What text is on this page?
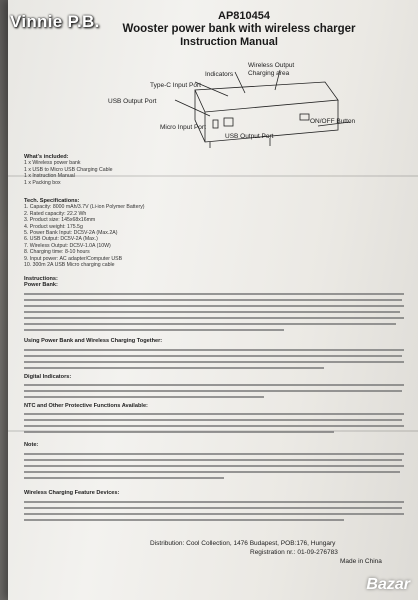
Vinnie P.B.	AP810454
Wooster power bank with wireless charger
Instruction Manual
Wireless Output
Charging area
Indicators
Type-C Input Port
USB Output Port
Micro Input Port
USB Output Port
ON/OFF Button
What's included:
1 x Wireless power bank
1 x USB to Micro USB Charging Cable
1 x Instruction Manual
1 x Packing box
Tech. Specifications:
1. Capacity: 8000 mAh/3.7V (Li-ion Polymer Battery)
2. Rated capacity: 22.2 Wh
3. Product size: 145x68x16mm
4. Product weight: 175.5g
5. Power Bank Input: DC5V-2A (Max.2A)
6. USB Output: DC5V-2A (Max.)
7. Wireless Output: DC5V-1.0A (10W)
8. Charging time: 8-10 hours
9. Input power: AC adapter/Computer USB
10. 300m 2A USB Micro charging cable
Instructions:
Power Bank:
Using Power Bank and Wireless Charging Together:
Digital Indicators:
NTC and Other Protective Functions Available:
Note:
Wireless Charging Feature Devices:
Distribution: Cool Collection, 1476 Budapest, POB:176, Hungary
Registration nr.: 01-09-276783
Made in China
Bazar
